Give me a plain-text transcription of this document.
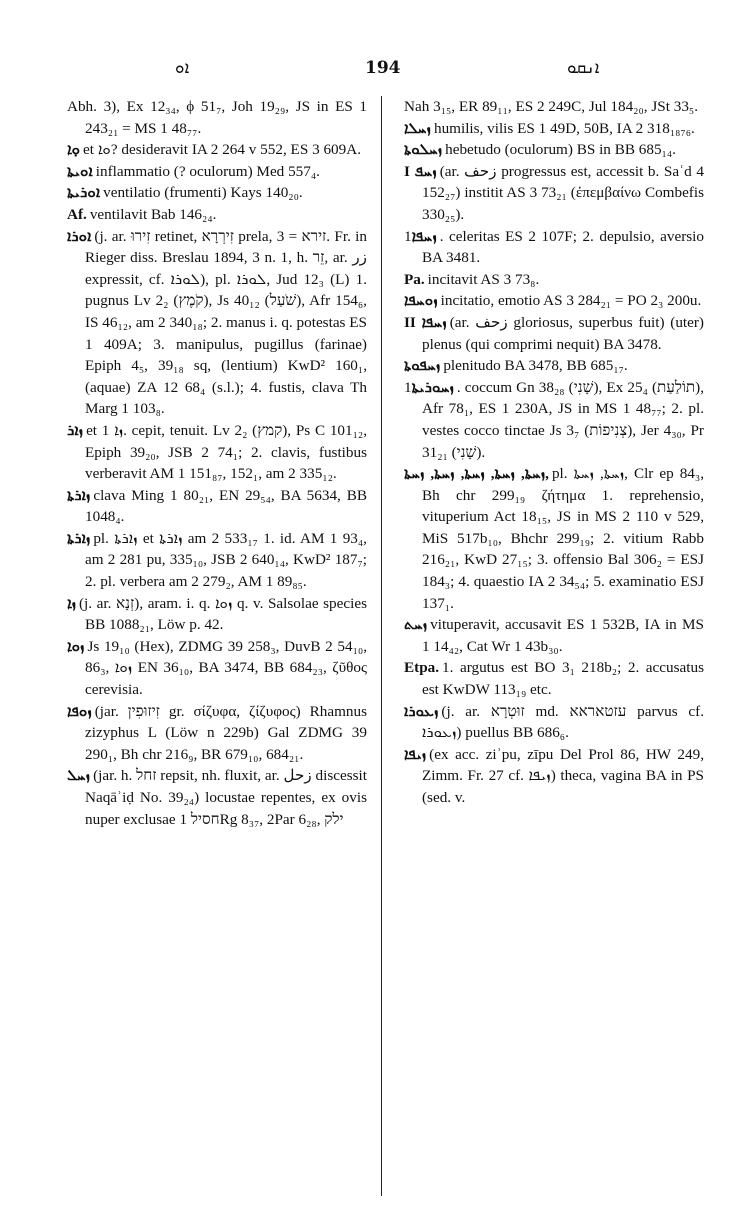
ܐܘ	194	ܐܢܩܘ
Abh. 3), Ex 12₃₄, ϕ 51₇, Joh 19₂₉, JS in ES 1 243₂₁ = MS 1 48₇₇.
ܘ̣ܐ et ܘܐ? desideravit IA 2 264 v 552, ES 3 609A.
ܐܘܝܬܐ inflammatio (? oculorum) Med 557₄.
ܐܘܪܝܬܐ ventilatio (frumenti) Kays 140₂₀.
Af. ventilavit Bab 146₂₄.
ܐܘܪܐ (j. ar. זִירוּ retinet, זִירְרָא prela, זירא = 3. Fr. in Rieger diss. Breslau 1894, 3 n. 1, h. זֵר, ar. زر expressit, cf. ܠܘܪܐ), pl. ܠܘܪܐ, Jud 12₃ (L) 1. pugnus Lv 2₂ (קֹמֶץ), Js 40₁₂ (שֹׁעַל), Afr 154₆, IS 46₁₂, am 2 340₁₈; 2. manus i. q. potestas ES 1 409A; 3. manipulus, pugillus (farinae) Epiph 4₅, 39₁₈ sq, (lentium) KwD² 160₁, (aquae) ZA 12 68₄ (s.l.); 4. fustis, clava Th Marg 1 103₈.
ܙܐܪ et ܙܐ 1. cepit, tenuit. Lv 2₂ (קמץ), Ps C 101₁₂, Epiph 39₂₀, JSB 2 74₁; 2. clavis, fustibus verberavit AM 1 151₈₇, 152₁, am 2 335₁₂.
ܙܐܪܬܐ clava Ming 1 80₂₁, EN 29₅₄, BA 5634, BB 1048₄.
ܙܐܪܬܐ pl. ܙܐܪܬܐ et ܙܐܪܬܐ am 2 533₁₇ 1. id. AM 1 93₄, am 2 281 pu, 335₁₀, JSB 2 640₁₄, KwD² 187₇; 2. pl. verbera am 2 279₂, AM 1 89₈₅.
ܙܐ (j. ar. זְנָא), aram. i. q. ܙܘܐ q. v. Salsolae species BB 1088₂₁, Löw p. 42.
ܙܘܐ Js 19₁₀ (Hex), ZDMG 39 258₃, DuvB 2 54₁₀, 86₃, ܙܘܐ EN 36₁₀, BA 3474, BB 684₂₃, ζῦθος cerevisia.
ܙܘܦܐ (jar. זִיזוּפִין gr. σίζυφα, ζίζυφος) Rhamnus zizyphus L (Löw n 229b) Gal ZDMG 39 290₁, Bh chr 216₉, BR 679₁₀, 684₂₁.
ܙܚܠ (jar. h. זחל repsit, nh. fluxit, ar. زحل discessit Naqāʾiḍ No. 39₂₄) locustae repentes, ex ovis nuper exclusae חסיל 1Rg 8₃₇, 2Par 6₂₈, ילק
Nah 3₁₅, ER 89₁₁, ES 2 249C, Jul 184₂₀, JSt 33₅.
ܙܚܠܐ humilis, vilis ES 1 49D, 50B, IA 2 318₁₈₇₆.
ܙܚܠܘܬܐ hebetudo (oculorum) BS in BB 685₁₄.
I ܙܚܦ (ar. زحف progressus est, accessit b. Saʿd 4 152₂₇) institit AS 3 73₂₁ (ἐπεμβαίνω Combefis 330₂₅).
ܙܚܦܐ1. celeritas ES 2 107F; 2. depulsio, aversio BA 3481.
Pa. incitavit AS 3 73₈.
ܙܘܚܦܐ incitatio, emotio AS 3 284₂₁ = PO 2₃ 200u.
II ܙܚܦܐ (ar. زحف gloriosus, superbus fuit) (uter) plenus (qui comprimi nequit) BA 3478.
ܙܚܦܘܬܐ plenitudo BA 3478, BB 685₁₇.
ܙܚܘܪܝܬܐ1. coccum Gn 38₂₈ (שָׁנִי), Ex 25₄ (תוֹלַעַת), Afr 78₁, ES 1 230A, JS in MS 1 48₇₇; 2. pl. vestes cocco tinctae Js 3₇ (צְנִיפוֹת), Jer 4₃₀, Pr 31₂₁ (שָׁנִי).
ܙܚܬܐ, ܙܚܬܐ, ܙܚܬܐ, ܙܚܬܐ, ܙܚܬܐ, pl. ܙܚܬܐ, ܙܚܬܐ, Clr ep 84₃, Bh chr 299₁₉ ζήτημα 1. reprehensio, vituperium Act 18₁₅, JS in MS 2 110 v 529, MiS 517b₁₀, Bhchr 299₁₉; 2. vitium Rabb 216₂₁, KwD 27₁₅; 3. offensio Bal 306₂ = ESJ 184₃; 4. quaestio IA 2 34₅₄; 5. examinatio ESJ 137₁.
ܙܚܬ vituperavit, accusavit ES 1 532B, IA in MS 1 14₄₂, Cat Wr 1 43b₃₀.
Etpa. 1. argutus est BO 3₁ 218b₂; 2. accusatus est KwDW 113₁₉ etc.
ܙܥܘܪܐ (j. ar. זוּטְרָא md. עזטאראא parvus cf. ܙܥܘܪܐ) puellus BB 686₆.
ܙܝܦܐ (ex acc. ziʾpu, zīpu Del Prol 86, HW 249, Zimm. Fr. 27 cf. ܙܝܦܐ) theca, vagina BA in PS (sed. v.
